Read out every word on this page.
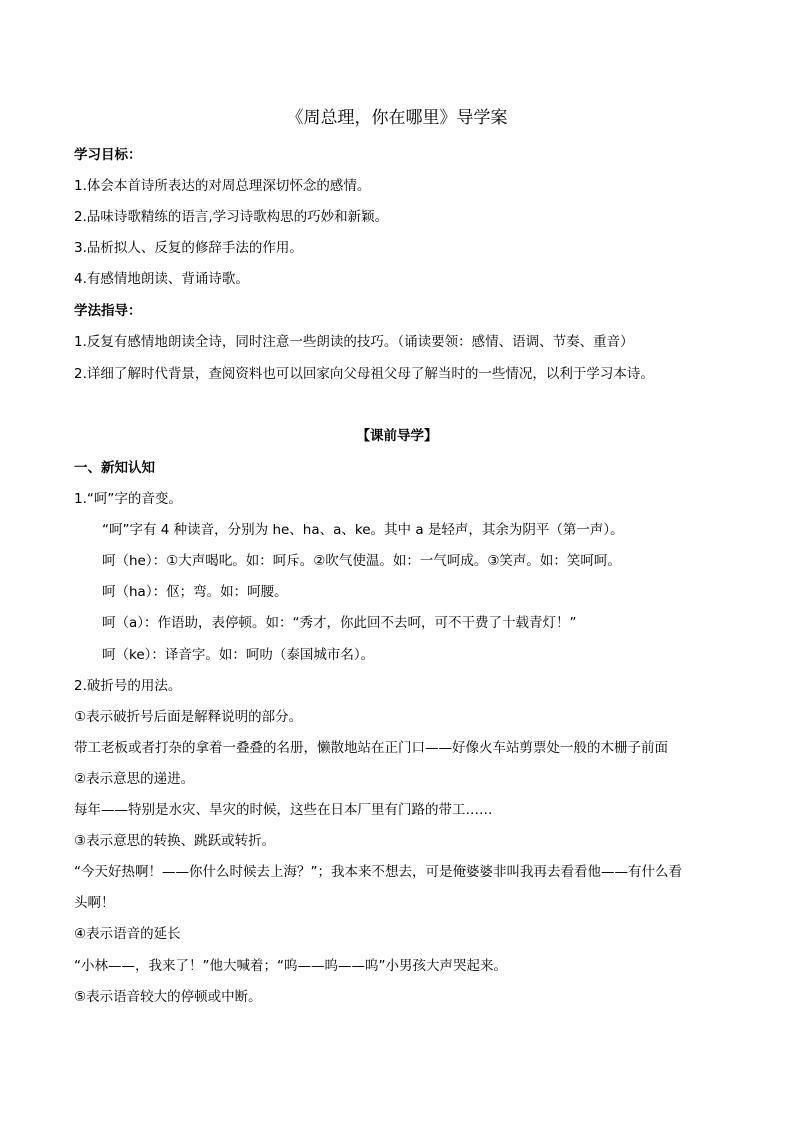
《周总理，你在哪里》导学案
学习目标：
1.体会本首诗所表达的对周总理深切怀念的感情。
2.品味诗歌精练的语言,学习诗歌构思的巧妙和新颖。
3.品析拟人、反复的修辞手法的作用。
4.有感情地朗读、背诵诗歌。
学法指导：
1.反复有感情地朗读全诗，同时注意一些朗读的技巧。（诵读要领：感情、语调、节奏、重音）
2.详细了解时代背景，查阅资料也可以回家向父母祖父母了解当时的一些情况，以利于学习本诗。
【课前导学】
一、新知认知
1.“呵”字的音变。
“呵”字有 4 种读音，分别为 he、ha、a、ke。其中 a 是轻声，其余为阴平（第一声）。
呵（he）：①大声喝叱。如：呵斥。②吹气使温。如：一气呵成。③笑声。如：笑呵呵。
呵（ha）：伛；弯。如：呵腰。
呵（a）：作语助，表停顿。如：“秀才，你此回不去呵，可不干费了十载青灯！”
呵（ke）：译音字。如：呵叻（泰国城市名）。
2.破折号的用法。
①表示破折号后面是解释说明的部分。
带工老板或者打杂的拿着一叠叠的名册，懒散地站在正门口——好像火车站剪票处一般的木栅子前面
②表示意思的递进。
每年——特别是水灾、旱灾的时候，这些在日本厂里有门路的带工……
③表示意思的转换、跳跃或转折。
“今天好热啊！——你什么时候去上海？”；我本来不想去，可是俺婆婆非叫我再去看看他——有什么看
头啊！
④表示语音的延长
“小林——，我来了！”他大喊着；“呜——呜——呜”小男孩大声哭起来。
⑤表示语音较大的停顿或中断。
